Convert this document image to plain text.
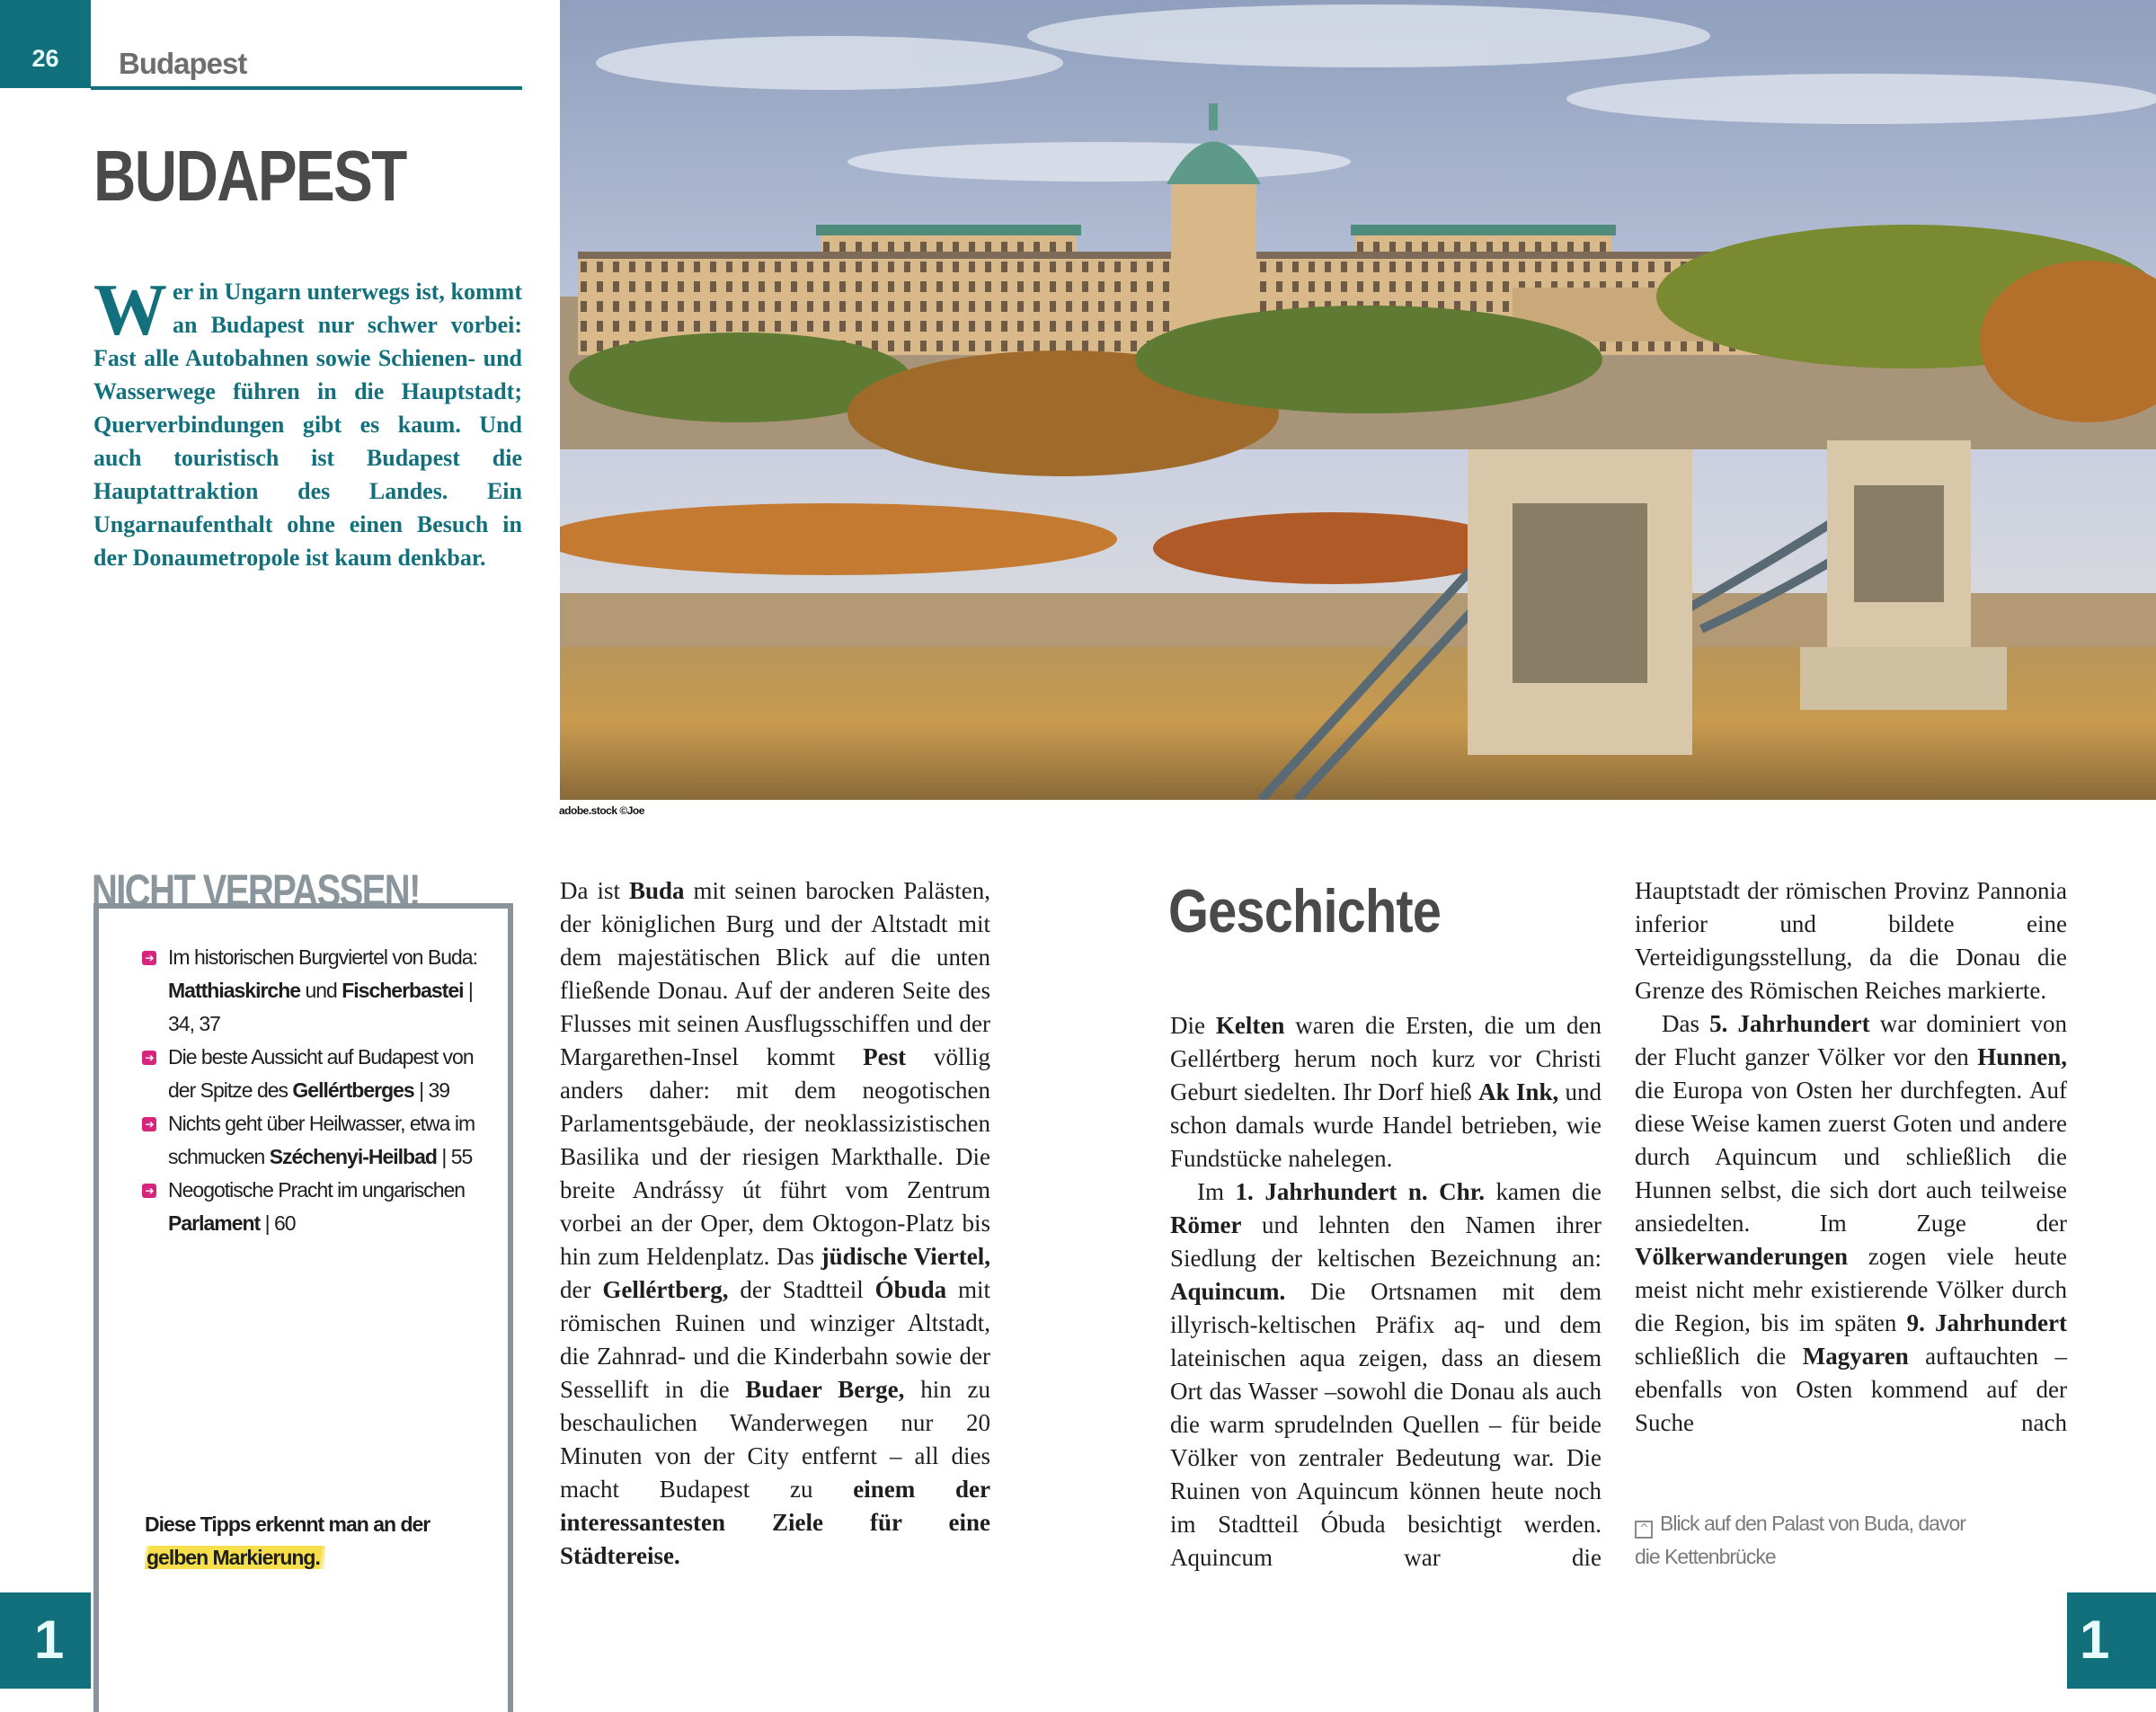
26	Budapest
BUDAPEST
Wer in Ungarn unterwegs ist, kommt an Budapest nur schwer vorbei: Fast alle Autobahnen sowie Schienen- und Wasserwege führen in die Hauptstadt; Querverbindungen gibt es kaum. Und auch touristisch ist Budapest die Hauptattraktion des Landes. Ein Ungarnaufenthalt ohne einen Besuch in der Donaumetropole ist kaum denkbar.
adobe.stock ©Joe
NICHT VERPASSEN!
➔ Im historischen Burgviertel von Buda: Matthiaskirche und Fischerbastei | 34, 37
➔ Die beste Aussicht auf Budapest von der Spitze des Gellértberges | 39
➔ Nichts geht über Heilwasser, etwa im schmucken Széchenyi-Heilbad | 55
➔ Neogotische Pracht im ungarischen Parlament | 60
Diese Tipps erkennt man an der
gelben Markierung.

Da ist Buda mit seinen barocken Palästen, der königlichen Burg und der Altstadt mit dem majestätischen Blick auf die unten fließende Donau. Auf der anderen Seite des Flusses mit seinen Ausflugsschiffen und der Margarethen-Insel kommt Pest völlig anders daher: mit dem neogotischen Parlamentsgebäude, der neoklassizistischen Basilika und der riesigen Markthalle. Die breite Andrássy út führt vom Zentrum vorbei an der Oper, dem Oktogon-Platz bis hin zum Heldenplatz. Das jüdische Viertel, der Gellértberg, der Stadtteil Óbuda mit römischen Ruinen und winziger Altstadt, die Zahnrad- und die Kinderbahn sowie der Sessellift in die Budaer Berge, hin zu beschaulichen Wanderwegen nur 20 Minuten von der City entfernt – all dies macht Budapest zu einem der interessantesten Ziele für eine Städtereise.

Geschichte

Die Kelten waren die Ersten, die um den Gellértberg herum noch kurz vor Christi Geburt siedelten. Ihr Dorf hieß Ak Ink, und schon damals wurde Handel betrieben, wie Fundstücke nahelegen.

Im 1. Jahrhundert n. Chr. kamen die Römer und lehnten den Namen ihrer Siedlung der keltischen Bezeichnung an: Aquincum. Die Ortsnamen mit dem illyrisch-keltischen Präfix aq- und dem lateinischen aqua zeigen, dass an diesem Ort das Wasser –sowohl die Donau als auch die warm sprudelnden Quellen – für beide Völker von zentraler Bedeutung war. Die Ruinen von Aquincum können heute noch im Stadtteil Óbuda besichtigt werden. Aquincum war die

Hauptstadt der römischen Provinz Pannonia inferior und bildete eine Verteidigungsstellung, da die Donau die Grenze des Römischen Reiches markierte.

Das 5. Jahrhundert war dominiert von der Flucht ganzer Völker vor den Hunnen, die Europa von Osten her durchfegten. Auf diese Weise kamen zuerst Goten und andere durch Aquincum und schließlich die Hunnen selbst, die sich dort auch teilweise ansiedelten. Im Zuge der Völkerwanderungen zogen viele heute meist nicht mehr existierende Völker durch die Region, bis im späten 9. Jahrhundert schließlich die Magyaren auftauchten – ebenfalls von Osten kommend auf der Suche nach

^ Blick auf den Palast von Buda, davor die Kettenbrücke
1	1
